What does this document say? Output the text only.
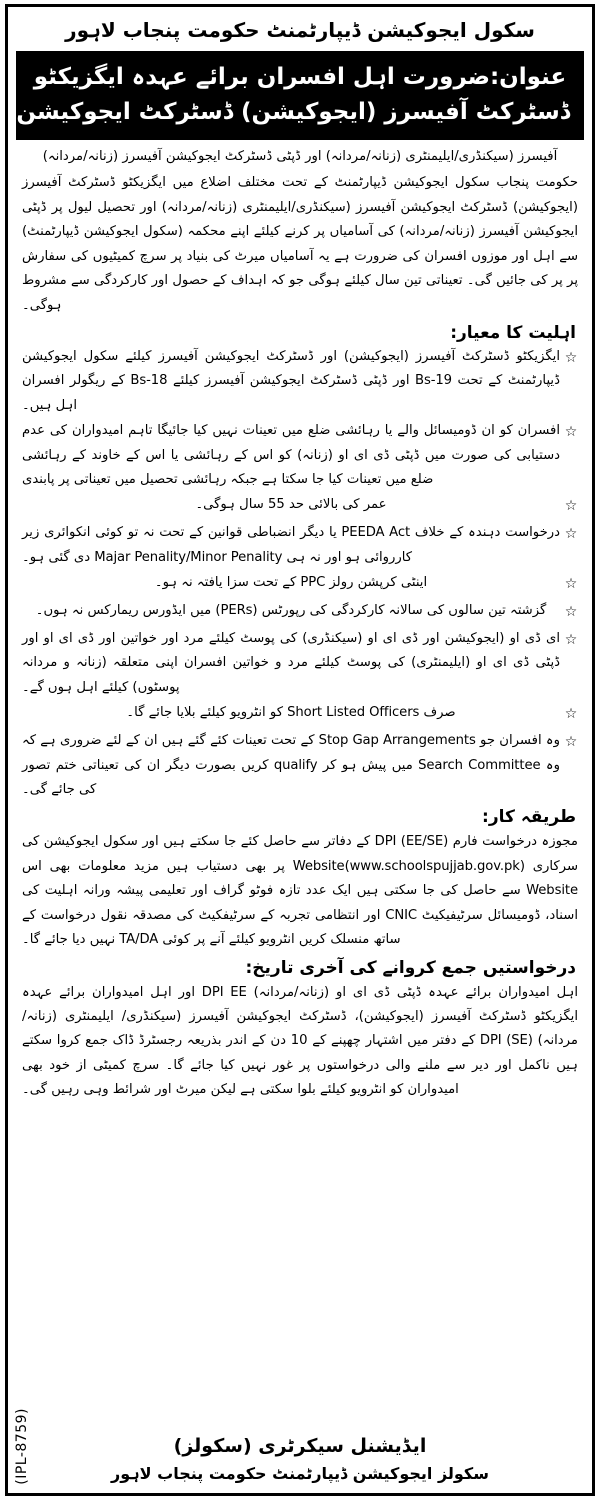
سکول ایجوکیشن ڈیپارٹمنٹ حکومت پنجاب لاہور
عنوان:ضرورت اہل افسران برائے عہدہ ایگزیکٹو
ڈسٹرکٹ آفیسرز (ایجوکیشن) ڈسٹرکٹ ایجوکیشن
آفیسرز (سیکنڈری/ایلیمنٹری (زنانہ/مردانہ) اور ڈپٹی ڈسٹرکٹ ایجوکیشن آفیسرز (زنانہ/مردانہ)
حکومت پنجاب سکول ایجوکیشن ڈیپارٹمنٹ کے تحت مختلف اضلاع میں ایگزیکٹو ڈسٹرکٹ آفیسرز (ایجوکیشن) ڈسٹرکٹ ایجوکیشن آفیسرز (سیکنڈری/ایلیمنٹری (زنانہ/مردانہ) اور تحصیل لیول پر ڈپٹی ایجوکیشن آفیسرز (زنانہ/مردانہ) کی آسامیاں پر کرنے کیلئے اپنے محکمہ (سکول ایجوکیشن ڈیپارٹمنٹ) سے اہل اور موزوں افسران کی ضرورت ہے یہ آسامیاں میرٹ کی بنیاد پر سرچ کمیٹیوں کی سفارش پر پر کی جائیں گی۔ تعیناتی تین سال کیلئے ہوگی جو کہ اہداف کے حصول اور کارکردگی سے مشروط ہوگی۔
اہلیت کا معیار:
☆
ایگزیکٹو ڈسٹرکٹ آفیسرز (ایجوکیشن) اور ڈسٹرکٹ ایجوکیشن آفیسرز کیلئے سکول ایجوکیشن ڈیپارٹمنٹ کے تحت Bs-19 اور ڈپٹی ڈسٹرکٹ ایجوکیشن آفیسرز کیلئے Bs-18 کے ریگولر افسران اہل ہیں۔
☆
افسران کو ان ڈومیسائل والے یا رہائشی ضلع میں تعینات نہیں کیا جائیگا تاہم امیدواران کی عدم دستیابی کی صورت میں ڈپٹی ڈی ای او (زنانہ) کو اس کے رہائشی یا اس کے خاوند کے رہائشی ضلع میں تعینات کیا جا سکتا ہے جبکہ رہائشی تحصیل میں تعیناتی پر پابندی
☆
عمر کی بالائی حد 55 سال ہوگی۔
☆
درخواست دہندہ کے خلاف PEEDA Act یا دیگر انضباطی قوانین کے تحت نہ تو کوئی انکوائری زیر کارروائی ہو اور نہ ہی Majar Penality/Minor Penality دی گئی ہو۔
☆
اینٹی کرپشن رولز PPC کے تحت سزا یافتہ نہ ہو۔
☆
گزشتہ تین سالوں کی سالانہ کارکردگی کی رپورٹس (PERs) میں ایڈورس ریمارکس نہ ہوں۔
☆
ای ڈی او (ایجوکیشن اور ڈی ای او (سیکنڈری) کی پوسٹ کیلئے مرد اور خواتین اور ڈی ای او اور ڈپٹی ڈی ای او (ایلیمنٹری) کی پوسٹ کیلئے مرد و خواتین افسران اپنی متعلقہ (زنانہ و مردانہ پوسٹوں) کیلئے اہل ہوں گے۔
☆
صرف Short Listed Officers کو انٹرویو کیلئے بلایا جائے گا۔
☆
وہ افسران جو Stop Gap Arrangements کے تحت تعینات کئے گئے ہیں ان کے لئے ضروری ہے کہ وہ Search Committee میں پیش ہو کر qualify کریں بصورت دیگر ان کی تعیناتی ختم تصور کی جائے گی۔
طریقہ کار:
مجوزہ درخواست فارم DPI (EE/SE) کے دفاتر سے حاصل کئے جا سکتے ہیں اور سکول ایجوکیشن کی سرکاری Website(www.schoolspujjab.gov.pk) پر بھی دستیاب ہیں مزید معلومات بھی اس Website سے حاصل کی جا سکتی ہیں ایک عدد تازہ فوٹو گراف اور تعلیمی پیشہ ورانہ اہلیت کی اسناد، ڈومیسائل سرٹیفیکیٹ CNIC اور انتظامی تجربہ کے سرٹیفکیٹ کی مصدقہ نقول درخواست کے ساتھ منسلک کریں انٹرویو کیلئے آنے پر کوئی TA/DA نہیں دیا جائے گا۔
درخواستیں جمع کروانے کی آخری تاریخ:
اہل امیدواران برائے عہدہ ڈپٹی ڈی ای او (زنانہ/مردانہ) DPI EE اور اہل امیدواران برائے عہدہ ایگزیکٹو ڈسٹرکٹ آفیسرز (ایجوکیشن)، ڈسٹرکٹ ایجوکیشن آفیسرز (سیکنڈری/ ایلیمنٹری (زنانہ/مردانہ) DPI (SE) کے دفتر میں اشتہار چھپنے کے 10 دن کے اندر بذریعہ رجسٹرڈ ڈاک جمع کروا سکتے ہیں ناکمل اور دیر سے ملنے والی درخواستوں پر غور نہیں کیا جائے گا۔ سرچ کمیٹی از خود بھی امیدواران کو انٹرویو کیلئے بلوا سکتی ہے لیکن میرٹ اور شرائط وہی رہیں گی۔
ایڈیشنل سیکرٹری (سکولز)
سکولز ایجوکیشن ڈیپارٹمنٹ حکومت پنجاب لاہور
(IPL-8759)
